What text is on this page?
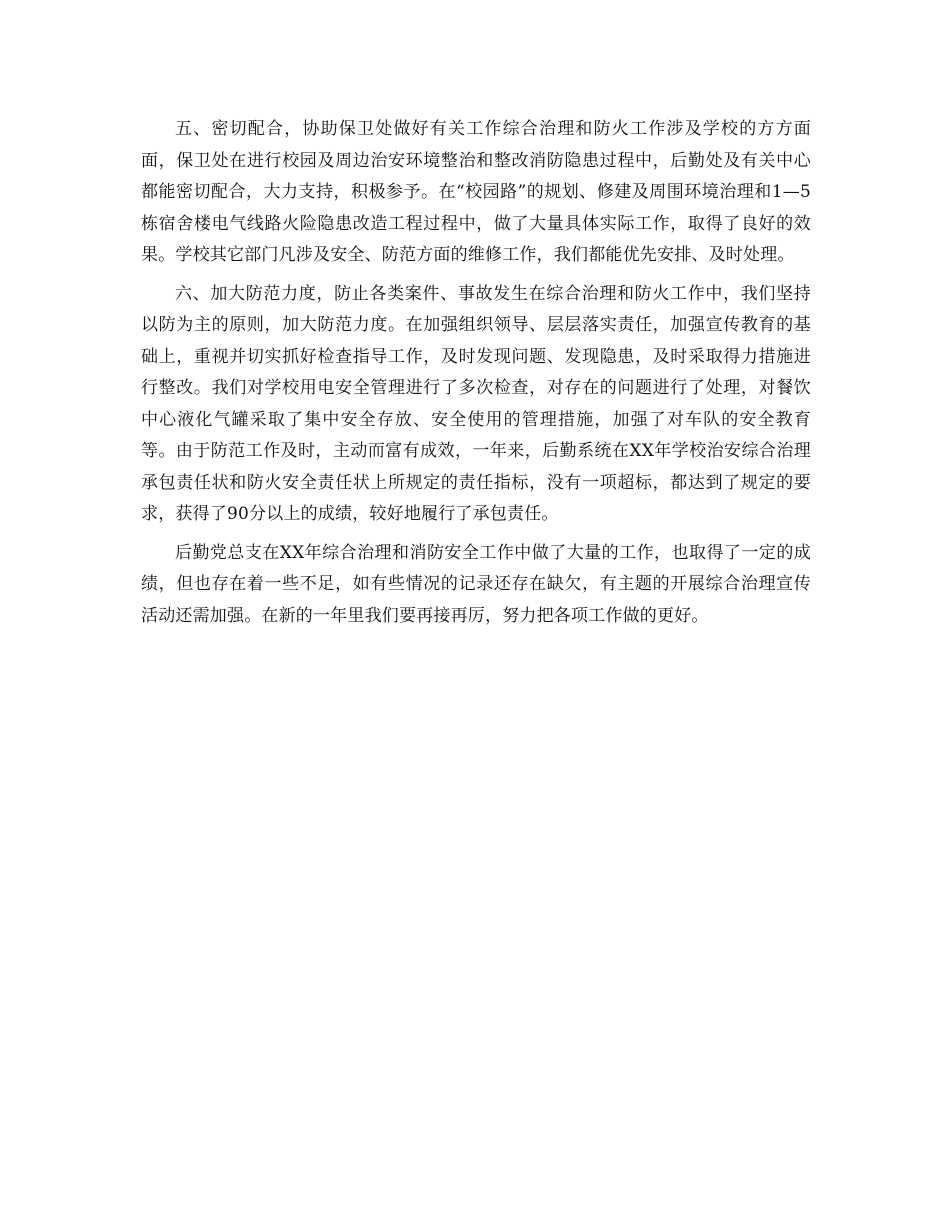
五、密切配合，协助保卫处做好有关工作综合治理和防火工作涉及学校的方方面面，保卫处在进行校园及周边治安环境整治和整改消防隐患过程中，后勤处及有关中心都能密切配合，大力支持，积极参予。在“校园路”的规划、修建及周围环境治理和1—5栋宿舍楼电气线路火险隐患改造工程过程中，做了大量具体实际工作，取得了良好的效果。学校其它部门凡涉及安全、防范方面的维修工作，我们都能优先安排、及时处理。

六、加大防范力度，防止各类案件、事故发生在综合治理和防火工作中，我们坚持以防为主的原则，加大防范力度。在加强组织领导、层层落实责任，加强宣传教育的基础上，重视并切实抓好检查指导工作，及时发现问题、发现隐患，及时采取得力措施进行整改。我们对学校用电安全管理进行了多次检查，对存在的问题进行了处理，对餐饮中心液化气罐采取了集中安全存放、安全使用的管理措施，加强了对车队的安全教育等。由于防范工作及时，主动而富有成效，一年来，后勤系统在XX年学校治安综合治理承包责任状和防火安全责任状上所规定的责任指标，没有一项超标，都达到了规定的要求，获得了90分以上的成绩，较好地履行了承包责任。

后勤党总支在XX年综合治理和消防安全工作中做了大量的工作，也取得了一定的成绩，但也存在着一些不足，如有些情况的记录还存在缺欠，有主题的开展综合治理宣传活动还需加强。在新的一年里我们要再接再厉，努力把各项工作做的更好。
